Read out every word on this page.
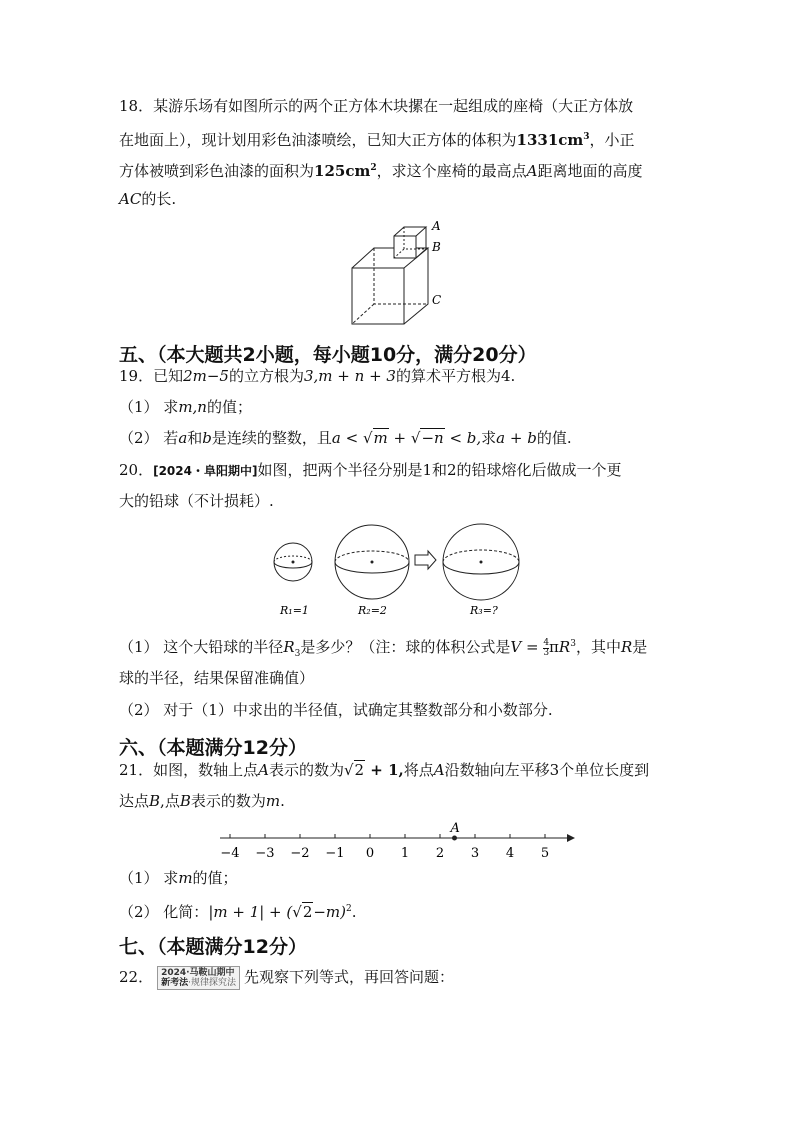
18．某游乐场有如图所示的两个正方体木块摞在一起组成的座椅（大正方体放
在地面上），现计划用彩色油漆喷绘，已知大正方体的体积为$1331cm^3$，小正
方体被喷到彩色油漆的面积为$125cm^2$，求这个座椅的最高点A距离地面的高度
AC的长.
A
B
C
五、（本大题共2小题，每小题10分，满分20分）
19．已知2m−5的立方根为3,m + n + 3的算术平方根为4.
（1） 求m,n的值；
（2） 若a和b是连续的整数，且a < √m + √−n < b,求a + b的值.
20．[2024・阜阳期中]如图，把两个半径分别是1和2的铅球熔化后做成一个更
大的铅球（不计损耗）.
R₁=1	R₂=2	R₃=?
（1） 这个大铅球的半径$R_3$是多少？（注：球的体积公式是$V = \frac{4}{3} \pi R^3$，其中R是
球的半径，结果保留准确值）
（2） 对于（1）中求出的半径值，试确定其整数部分和小数部分.
六、（本题满分12分）
21．如图，数轴上点A表示的数为√2 + 1,将点A沿数轴向左平移3个单位长度到
达点B,点B表示的数为m.
−4 −3 −2 −1 0 1 2 3 4 5
A
（1） 求m的值；
（2） 化简：$|m + 1| + (√2-m)^2$.
七、（本题满分12分）
22． 2024·马鞍山期中
新考法·规律探究法 先观察下列等式，再回答问题：
